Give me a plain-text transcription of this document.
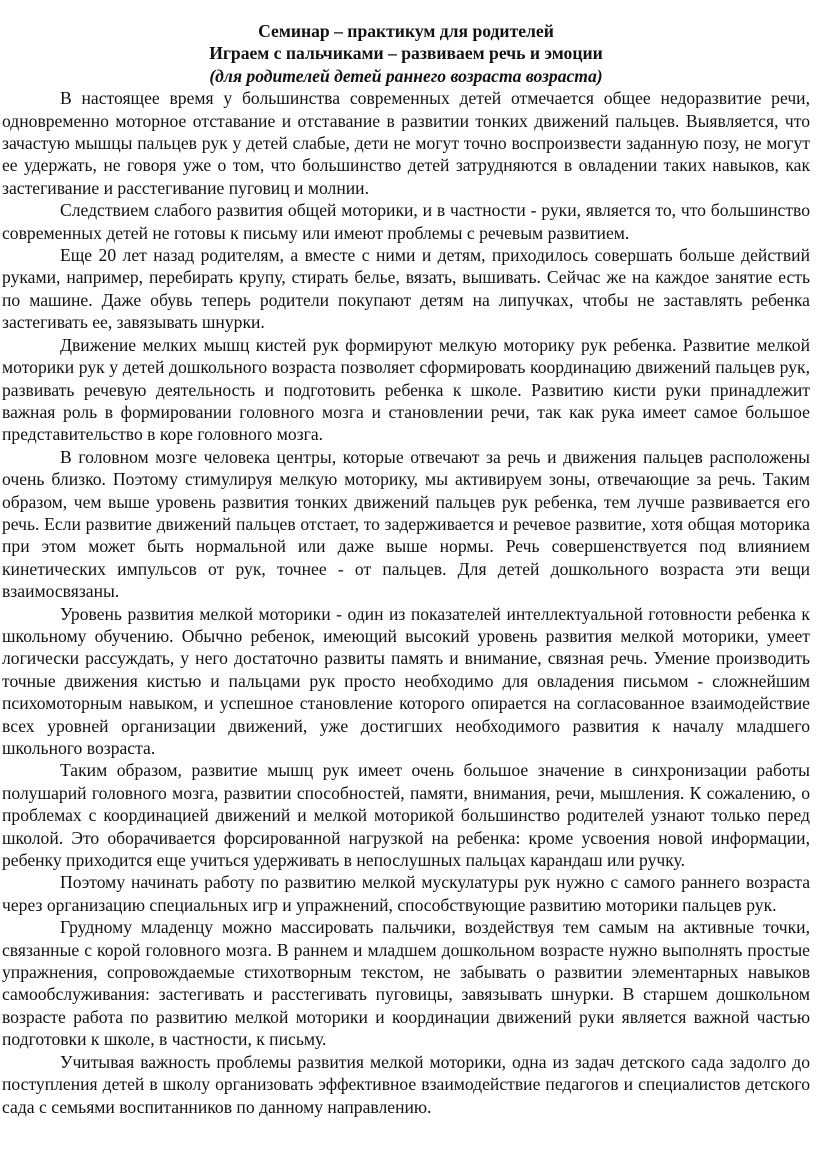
Семинар – практикум для родителей

Играем с пальчиками – развиваем речь и эмоции

(для родителей детей раннего возраста возраста)

В настоящее время у большинства современных детей отмечается общее недоразвитие речи, одновременно моторное отставание и отставание в развитии тонких движений пальцев. Выявляется, что зачастую мышцы пальцев рук у детей слабые, дети не могут точно воспроизвести заданную позу, не могут ее удержать, не говоря уже о том, что большинство детей затрудняются в овладении таких навыков, как застегивание и расстегивание пуговиц и молнии.

Следствием слабого развития общей моторики, и в частности - руки, является то, что большинство современных детей не готовы к письму или имеют проблемы с речевым развитием.

Еще 20 лет назад родителям, а вместе с ними и детям, приходилось совершать больше действий руками, например, перебирать крупу, стирать белье, вязать, вышивать. Сейчас же на каждое занятие есть по машине. Даже обувь теперь родители покупают детям на липучках, чтобы не заставлять ребенка застегивать ее, завязывать шнурки.

Движение мелких мышц кистей рук формируют мелкую моторику рук ребенка. Развитие мелкой моторики рук у детей дошкольного возраста позволяет сформировать координацию движений пальцев рук, развивать речевую деятельность и подготовить ребенка к школе. Развитию кисти руки принадлежит важная роль в формировании головного мозга и становлении речи, так как рука имеет самое большое представительство в коре головного мозга.

В головном мозге человека центры, которые отвечают за речь и движения пальцев расположены очень близко. Поэтому стимулируя мелкую моторику, мы активируем зоны, отвечающие за речь. Таким образом, чем выше уровень развития тонких движений пальцев рук ребенка, тем лучше развивается его речь. Если развитие движений пальцев отстает, то задерживается и речевое развитие, хотя общая моторика при этом может быть нормальной или даже выше нормы. Речь совершенствуется под влиянием кинетических импульсов от рук, точнее - от пальцев. Для детей дошкольного возраста эти вещи взаимосвязаны.

Уровень развития мелкой моторики - один из показателей интеллектуальной готовности ребенка к школьному обучению. Обычно ребенок, имеющий высокий уровень развития мелкой моторики, умеет логически рассуждать, у него достаточно развиты память и внимание, связная речь. Умение производить точные движения кистью и пальцами рук просто необходимо для овладения письмом - сложнейшим психомоторным навыком, и успешное становление которого опирается на согласованное взаимодействие всех уровней организации движений, уже достигших необходимого развития к началу младшего школьного возраста.

Таким образом, развитие мышц рук имеет очень большое значение в синхронизации работы полушарий головного мозга, развитии способностей, памяти, внимания, речи, мышления. К сожалению, о проблемах с координацией движений и мелкой моторикой большинство родителей узнают только перед школой. Это оборачивается форсированной нагрузкой на ребенка: кроме усвоения новой информации, ребенку приходится еще учиться удерживать в непослушных пальцах карандаш или ручку.

Поэтому начинать работу по развитию мелкой мускулатуры рук нужно с самого раннего возраста через организацию специальных игр и упражнений, способствующие развитию моторики пальцев рук.

Грудному младенцу можно массировать пальчики, воздействуя тем самым на активные точки, связанные с корой головного мозга. В раннем и младшем дошкольном возрасте нужно выполнять простые упражнения, сопровождаемые стихотворным текстом, не забывать о развитии элементарных навыков самообслуживания: застегивать и расстегивать пуговицы, завязывать шнурки. В старшем дошкольном возрасте работа по развитию мелкой моторики и координации движений руки является важной частью подготовки к школе, в частности, к письму.

Учитывая важность проблемы развития мелкой моторики, одна из задач детского сада задолго до поступления детей в школу организовать эффективное взаимодействие педагогов и специалистов детского сада с семьями воспитанников по данному направлению.
